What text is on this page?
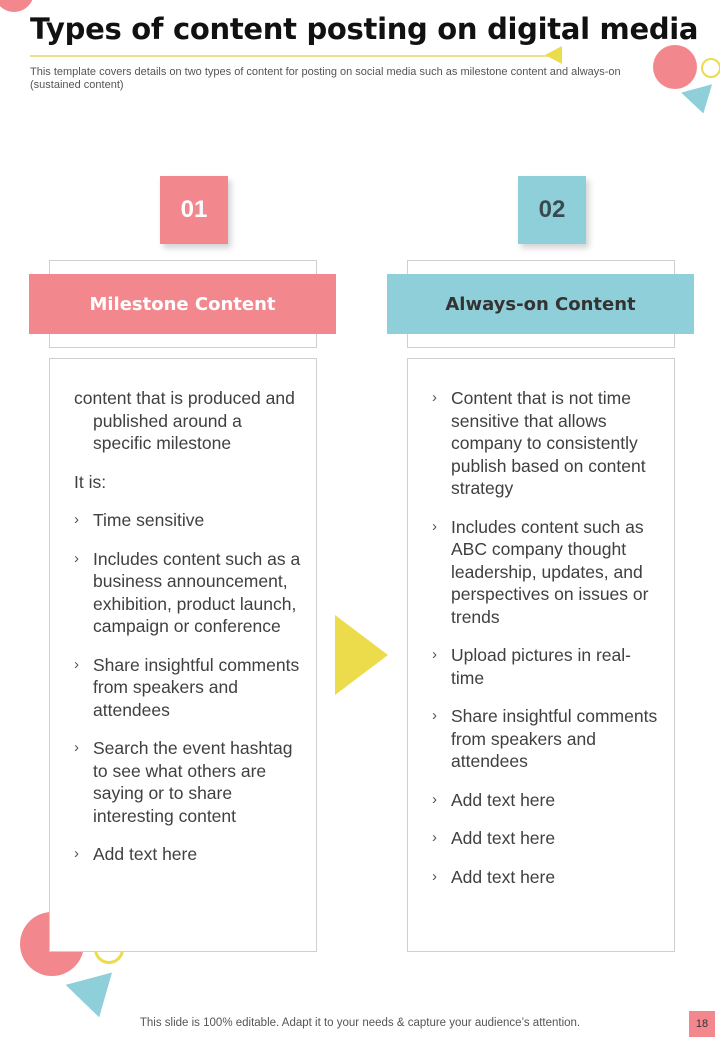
Types of content posting on digital media
This template covers details on two types of content for posting on social media such as milestone content and always-on (sustained content)
01
Milestone Content
content that is produced and published around a specific milestone
It is:
› Time sensitive
› Includes content such as a business announcement, exhibition, product launch, campaign or conference
› Share insightful comments from speakers and attendees
› Search the event hashtag to see what others are saying or to share interesting content
› Add text here
02
Always-on Content
› Content that is not time sensitive that allows company to consistently publish based on content strategy
› Includes content such as ABC company thought leadership, updates, and perspectives on issues or trends
› Upload pictures in real-time
› Share insightful comments from speakers and attendees
› Add text here
› Add text here
› Add text here
This slide is 100% editable. Adapt it to your needs & capture your audience’s attention.	18
